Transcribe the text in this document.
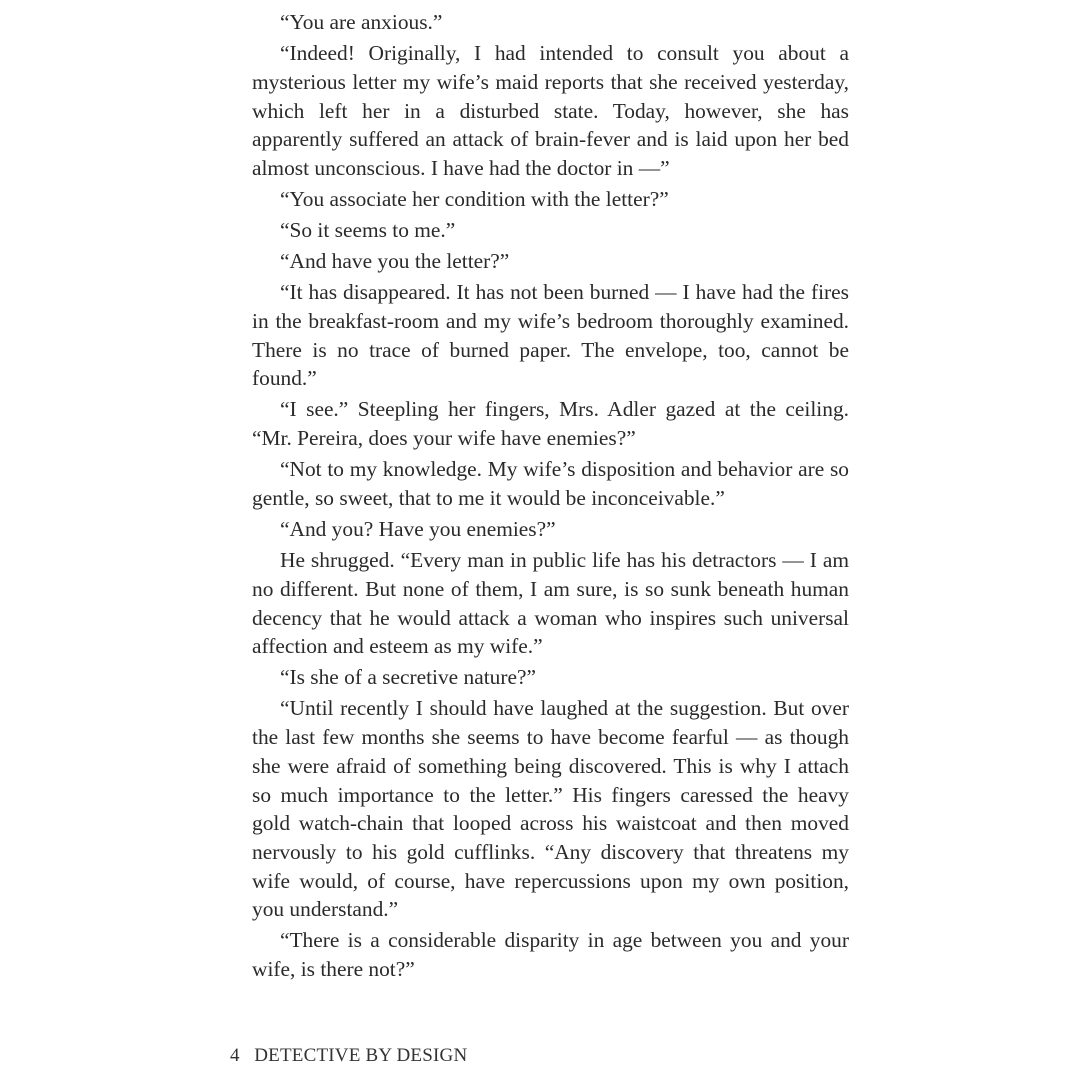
“You are anxious.”

“Indeed! Originally, I had intended to consult you about a mysterious letter my wife’s maid reports that she received yesterday, which left her in a disturbed state. Today, however, she has apparently suffered an attack of brain-fever and is laid upon her bed almost unconscious. I have had the doctor in —”

“You associate her condition with the letter?”

“So it seems to me.”

“And have you the letter?”

“It has disappeared. It has not been burned — I have had the fires in the breakfast-room and my wife’s bedroom thoroughly examined. There is no trace of burned paper. The envelope, too, cannot be found.”

“I see.” Steepling her fingers, Mrs. Adler gazed at the ceiling. “Mr. Pereira, does your wife have enemies?”

“Not to my knowledge. My wife’s disposition and behavior are so gentle, so sweet, that to me it would be inconceivable.”

“And you? Have you enemies?”

He shrugged. “Every man in public life has his detractors — I am no different. But none of them, I am sure, is so sunk beneath human decency that he would attack a woman who inspires such universal affection and esteem as my wife.”

“Is she of a secretive nature?”

“Until recently I should have laughed at the suggestion. But over the last few months she seems to have become fearful — as though she were afraid of something being discovered. This is why I attach so much importance to the letter.” His fingers caressed the heavy gold watch-chain that looped across his waistcoat and then moved nervously to his gold cufflinks. “Any discovery that threatens my wife would, of course, have repercussions upon my own position, you understand.”

“There is a considerable disparity in age between you and your wife, is there not?”

4 DETECTIVE BY DESIGN
